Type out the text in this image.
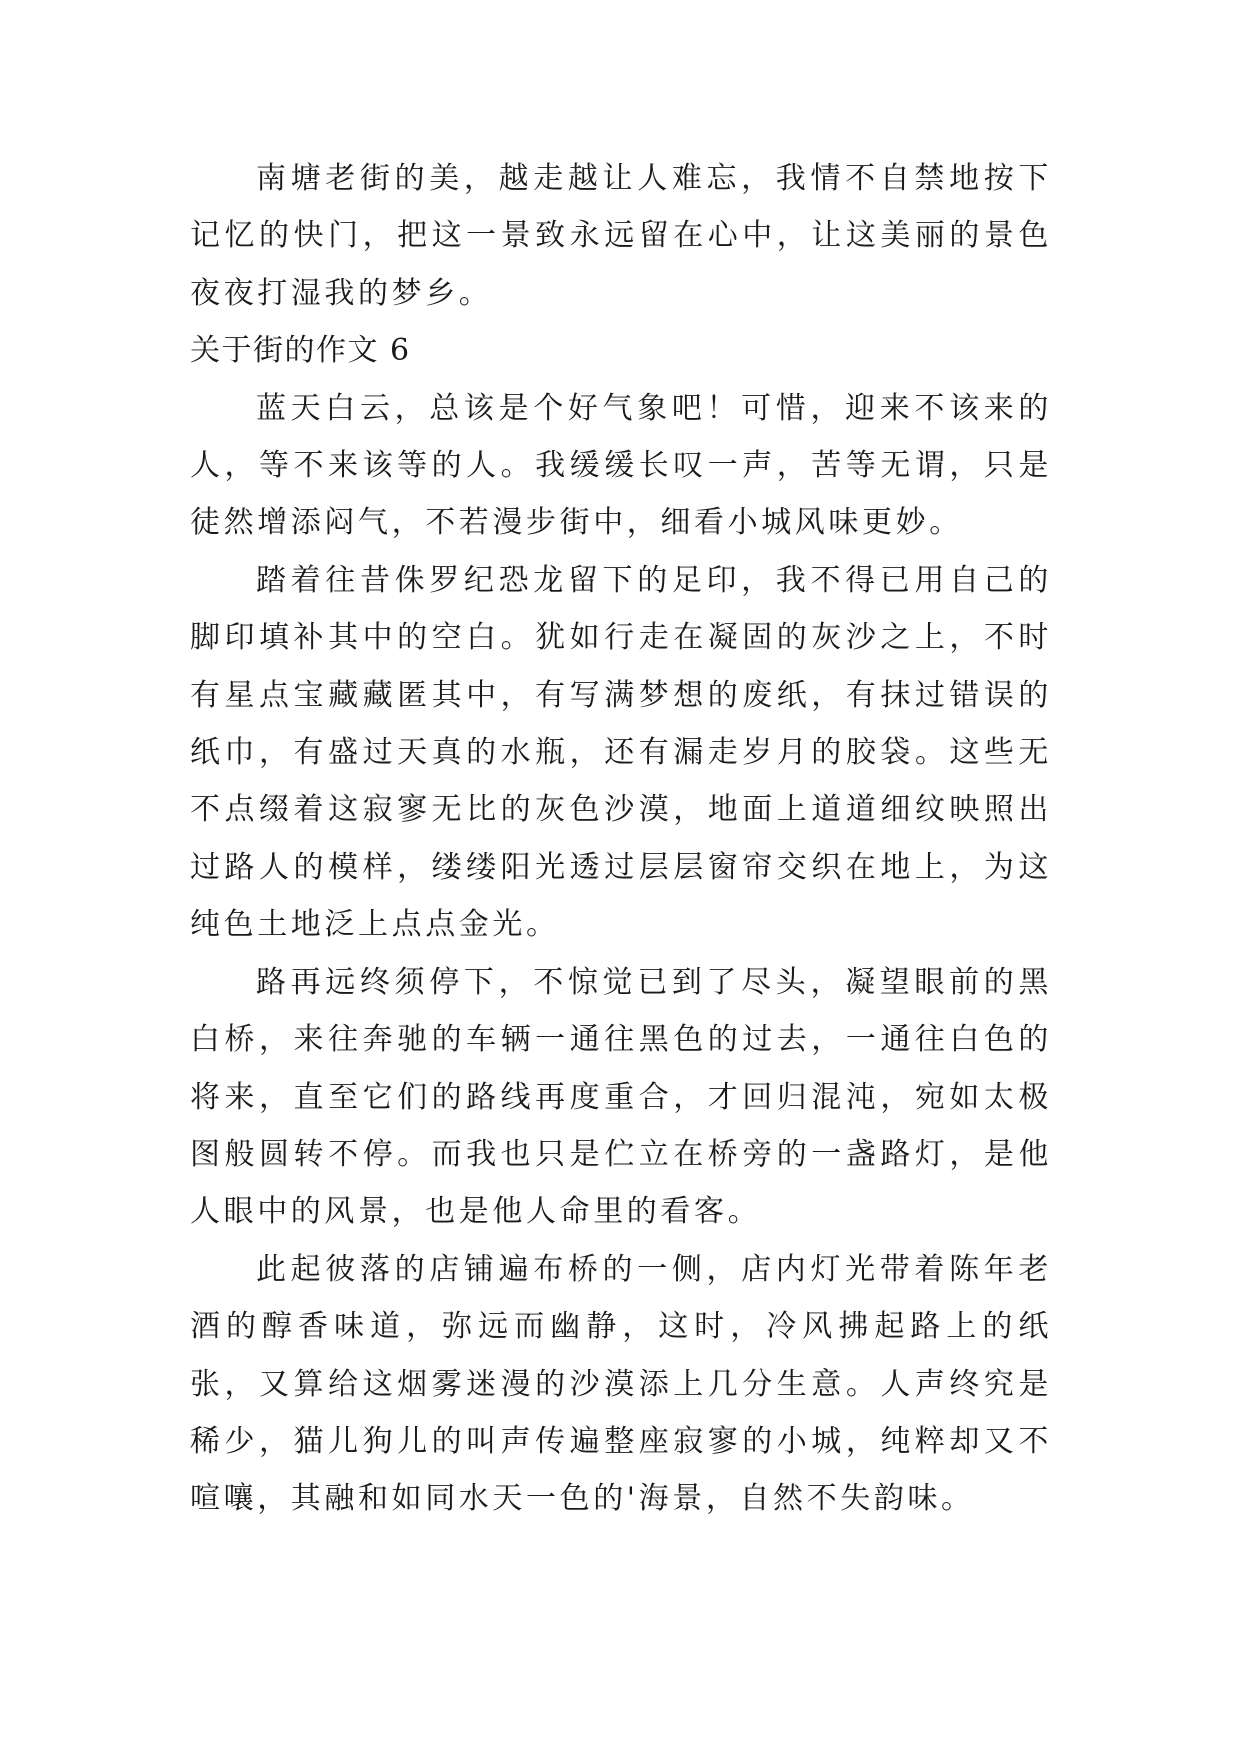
南塘老街的美，越走越让人难忘，我情不自禁地按下记忆的快门，把这一景致永远留在心中，让这美丽的景色夜夜打湿我的梦乡。

关于街的作文 6

蓝天白云，总该是个好气象吧！可惜，迎来不该来的人，等不来该等的人。我缓缓长叹一声，苦等无谓，只是徒然增添闷气，不若漫步街中，细看小城风味更妙。

踏着往昔侏罗纪恐龙留下的足印，我不得已用自己的脚印填补其中的空白。犹如行走在凝固的灰沙之上，不时有星点宝藏藏匿其中，有写满梦想的废纸，有抹过错误的纸巾，有盛过天真的水瓶，还有漏走岁月的胶袋。这些无不点缀着这寂寥无比的灰色沙漠，地面上道道细纹映照出过路人的模样，缕缕阳光透过层层窗帘交织在地上，为这纯色土地泛上点点金光。

路再远终须停下，不惊觉已到了尽头，凝望眼前的黑白桥，来往奔驰的车辆一通往黑色的过去，一通往白色的将来，直至它们的路线再度重合，才回归混沌，宛如太极图般圆转不停。而我也只是伫立在桥旁的一盏路灯，是他人眼中的风景，也是他人命里的看客。

此起彼落的店铺遍布桥的一侧，店内灯光带着陈年老酒的醇香味道，弥远而幽静，这时，冷风拂起路上的纸张，又算给这烟雾迷漫的沙漠添上几分生意。人声终究是稀少，猫儿狗儿的叫声传遍整座寂寥的小城，纯粹却又不喧嚷，其融和如同水天一色的'海景，自然不失韵味。
